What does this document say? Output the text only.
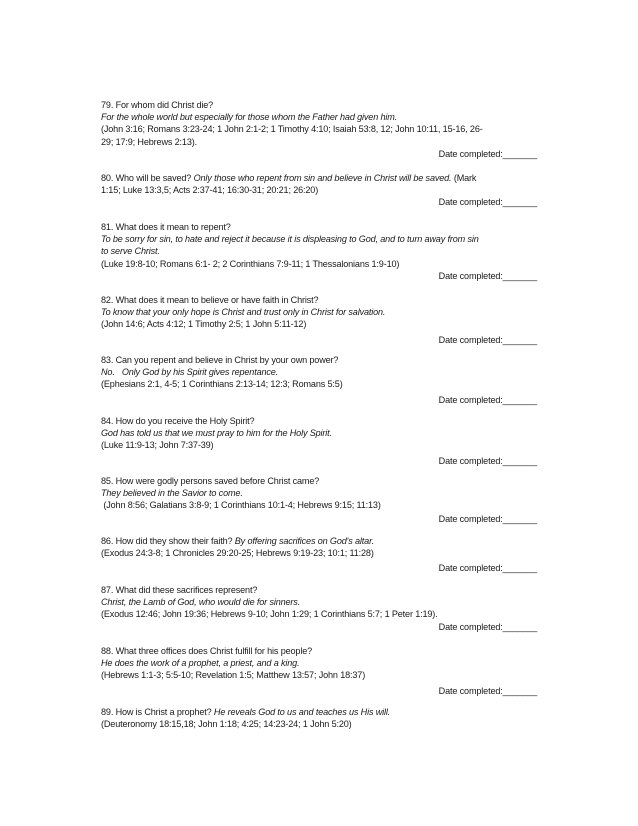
79. For whom did Christ die?
For the whole world but especially for those whom the Father had given him.
(John 3:16; Romans 3:23-24; 1 John 2:1-2; 1 Timothy 4:10; Isaiah 53:8, 12; John 10:11, 15-16, 26-
29; 17:9; Hebrews 2:13).
Date completed:_______
80. Who will be saved? Only those who repent from sin and believe in Christ will be saved. (Mark
1:15; Luke 13:3,5; Acts 2:37-41; 16:30-31; 20:21; 26:20)
Date completed:_______
81. What does it mean to repent?
To be sorry for sin, to hate and reject it because it is displeasing to God, and to turn away from sin
to serve Christ.
(Luke 19:8-10; Romans 6:1- 2; 2 Corinthians 7:9-11; 1 Thessalonians 1:9-10)
Date completed:_______
82. What does it mean to believe or have faith in Christ?
To know that your only hope is Christ and trust only in Christ for salvation.
(John 14:6; Acts 4:12; 1 Timothy 2:5; 1 John 5:11-12)
Date completed:_______
83. Can you repent and believe in Christ by your own power?
No.   Only God by his Spirit gives repentance.
(Ephesians 2:1, 4-5; 1 Corinthians 2:13-14; 12:3; Romans 5:5)
Date completed:_______
84. How do you receive the Holy Spirit?
God has told us that we must pray to him for the Holy Spirit.
(Luke 11:9-13; John 7:37-39)
Date completed:_______
85. How were godly persons saved before Christ came?
They believed in the Savior to come.
(John 8:56; Galatians 3:8-9; 1 Corinthians 10:1-4; Hebrews 9:15; 11:13)
Date completed:_______
86. How did they show their faith? By offering sacrifices on God's altar.
(Exodus 24:3-8; 1 Chronicles 29:20-25; Hebrews 9:19-23; 10:1; 11:28)
Date completed:_______
87. What did these sacrifices represent?
Christ, the Lamb of God, who would die for sinners.
(Exodus 12:46; John 19:36; Hebrews 9-10; John 1:29; 1 Corinthians 5:7; 1 Peter 1:19).
Date completed:_______
88. What three offices does Christ fulfill for his people?
He does the work of a prophet, a priest, and a king.
(Hebrews 1:1-3; 5:5-10; Revelation 1:5; Matthew 13:57; John 18:37)
Date completed:_______
89. How is Christ a prophet? He reveals God to us and teaches us His will.
(Deuteronomy 18:15,18; John 1:18; 4:25; 14:23-24; 1 John 5:20)
